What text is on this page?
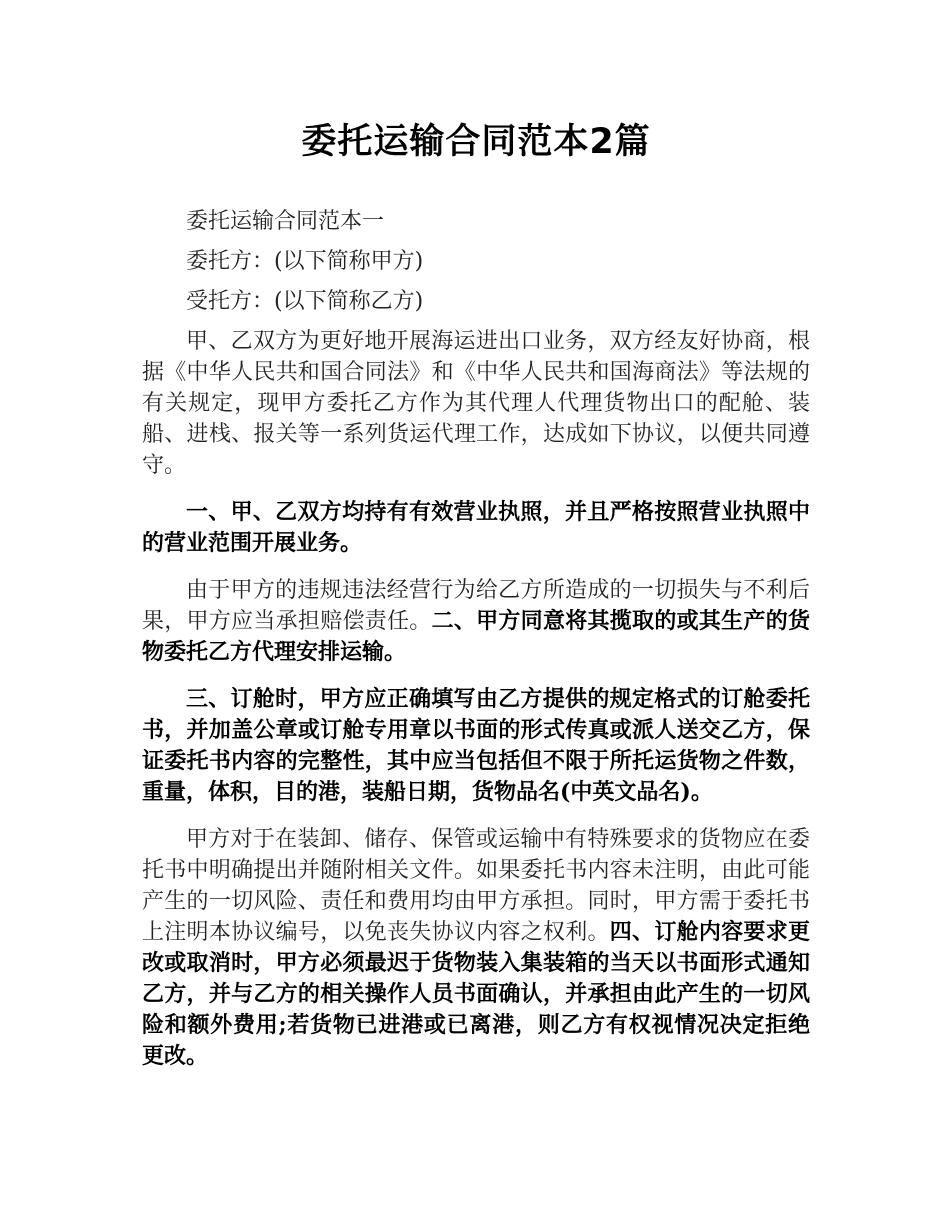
委托运输合同范本2篇

委托运输合同范本一

委托方：(以下简称甲方)

受托方：(以下简称乙方)

甲、乙双方为更好地开展海运进出口业务，双方经友好协商，根据《中华人民共和国合同法》和《中华人民共和国海商法》等法规的有关规定，现甲方委托乙方作为其代理人代理货物出口的配舱、装船、进栈、报关等一系列货运代理工作，达成如下协议，以便共同遵守。

一、甲、乙双方均持有有效营业执照，并且严格按照营业执照中的营业范围开展业务。

由于甲方的违规违法经营行为给乙方所造成的一切损失与不利后果，甲方应当承担赔偿责任。二、甲方同意将其揽取的或其生产的货物委托乙方代理安排运输。

三、订舱时，甲方应正确填写由乙方提供的规定格式的订舱委托书，并加盖公章或订舱专用章以书面的形式传真或派人送交乙方，保证委托书内容的完整性，其中应当包括但不限于所托运货物之件数，重量，体积，目的港，装船日期，货物品名(中英文品名)。

甲方对于在装卸、储存、保管或运输中有特殊要求的货物应在委托书中明确提出并随附相关文件。如果委托书内容未注明，由此可能产生的一切风险、责任和费用均由甲方承担。同时，甲方需于委托书上注明本协议编号，以免丧失协议内容之权利。四、订舱内容要求更改或取消时，甲方必须最迟于货物装入集装箱的当天以书面形式通知乙方，并与乙方的相关操作人员书面确认，并承担由此产生的一切风险和额外费用;若货物已进港或已离港，则乙方有权视情况决定拒绝更改。
